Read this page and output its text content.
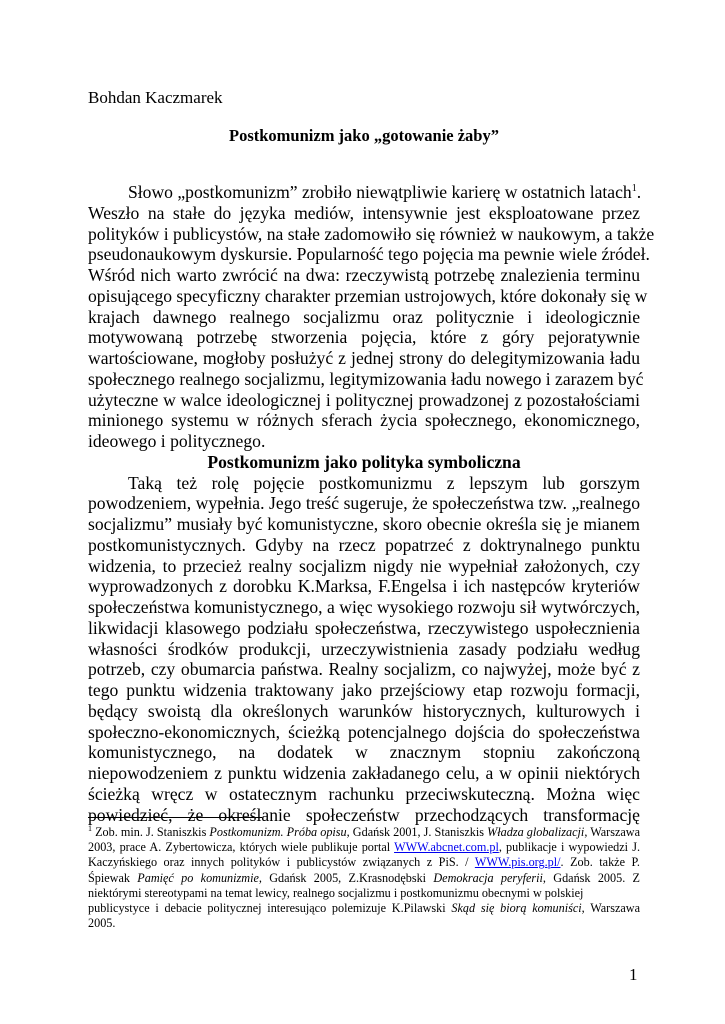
Bohdan Kaczmarek
Postkomunizm jako „gotowanie żaby”
Słowo „postkomunizm” zrobiło niewątpliwie karierę w ostatnich latach$^1$.
Weszło na stałe do języka mediów, intensywnie jest eksploatowane przez
polityków i publicystów, na stałe zadomowiło się również w naukowym, a także
pseudonaukowym dyskursie. Popularność tego pojęcia ma pewnie wiele źródeł.
Wśród nich warto zwrócić na dwa: rzeczywistą potrzebę znalezienia terminu
opisującego specyficzny charakter przemian ustrojowych, które dokonały się w
krajach dawnego realnego socjalizmu oraz politycznie i ideologicznie
motywowaną potrzebę stworzenia pojęcia, które z góry pejoratywnie
wartościowane, mogłoby posłużyć z jednej strony do delegitymizowania ładu
społecznego realnego socjalizmu, legitymizowania ładu nowego i zarazem być
użyteczne w walce ideologicznej i politycznej prowadzonej z pozostałościami
minionego systemu w różnych sferach życia społecznego, ekonomicznego,
ideowego i politycznego.
Postkomunizm jako polityka symboliczna
Taką też rolę pojęcie postkomunizmu z lepszym lub gorszym
powodzeniem, wypełnia. Jego treść sugeruje, że społeczeństwa tzw. „realnego
socjalizmu” musiały być komunistyczne, skoro obecnie określa się je mianem
postkomunistycznych. Gdyby na rzecz popatrzeć z doktrynalnego punktu
widzenia, to przecież realny socjalizm nigdy nie wypełniał założonych, czy
wyprowadzonych z dorobku K.Marksa, F.Engelsa i ich następców kryteriów
społeczeństwa komunistycznego, a więc wysokiego rozwoju sił wytwórczych,
likwidacji klasowego podziału społeczeństwa, rzeczywistego uspołecznienia
własności środków produkcji, urzeczywistnienia zasady podziału według
potrzeb, czy obumarcia państwa. Realny socjalizm, co najwyżej, może być z
tego punktu widzenia traktowany jako przejściowy etap rozwoju formacji,
będący swoistą dla określonych warunków historycznych, kulturowych i
społeczno-ekonomicznych, ścieżką potencjalnego dojścia do społeczeństwa
komunistycznego, na dodatek w znacznym stopniu zakończoną
niepowodzeniem z punktu widzenia zakładanego celu, a w opinii niektórych
ścieżką wręcz w ostatecznym rachunku przeciwskuteczną. Można więc
powiedzieć, że określanie społeczeństw przechodzących transformację
$^1$ Zob. min. J. Staniszkis Postkomunizm. Próba opisu, Gdańsk 2001, J. Staniszkis Władza globalizacji, Warszawa
2003, prace A. Zybertowicza, których wiele publikuje portal WWW.abcnet.com.pl, publikacje i wypowiedzi J.
Kaczyńskiego oraz innych polityków i publicystów związanych z PiS. / WWW.pis.org.pl/. Zob. także P.
Śpiewak Pamięć po komunizmie, Gdańsk 2005, Z.Krasnodębski Demokracja peryferii, Gdańsk 2005. Z
niektórymi stereotypami na temat lewicy, realnego socjalizmu i postkomunizmu obecnymi w polskiej
publicystyce i debacie politycznej interesująco polemizuje K.Pilawski Skąd się biorą komuniści, Warszawa
2005.
1
